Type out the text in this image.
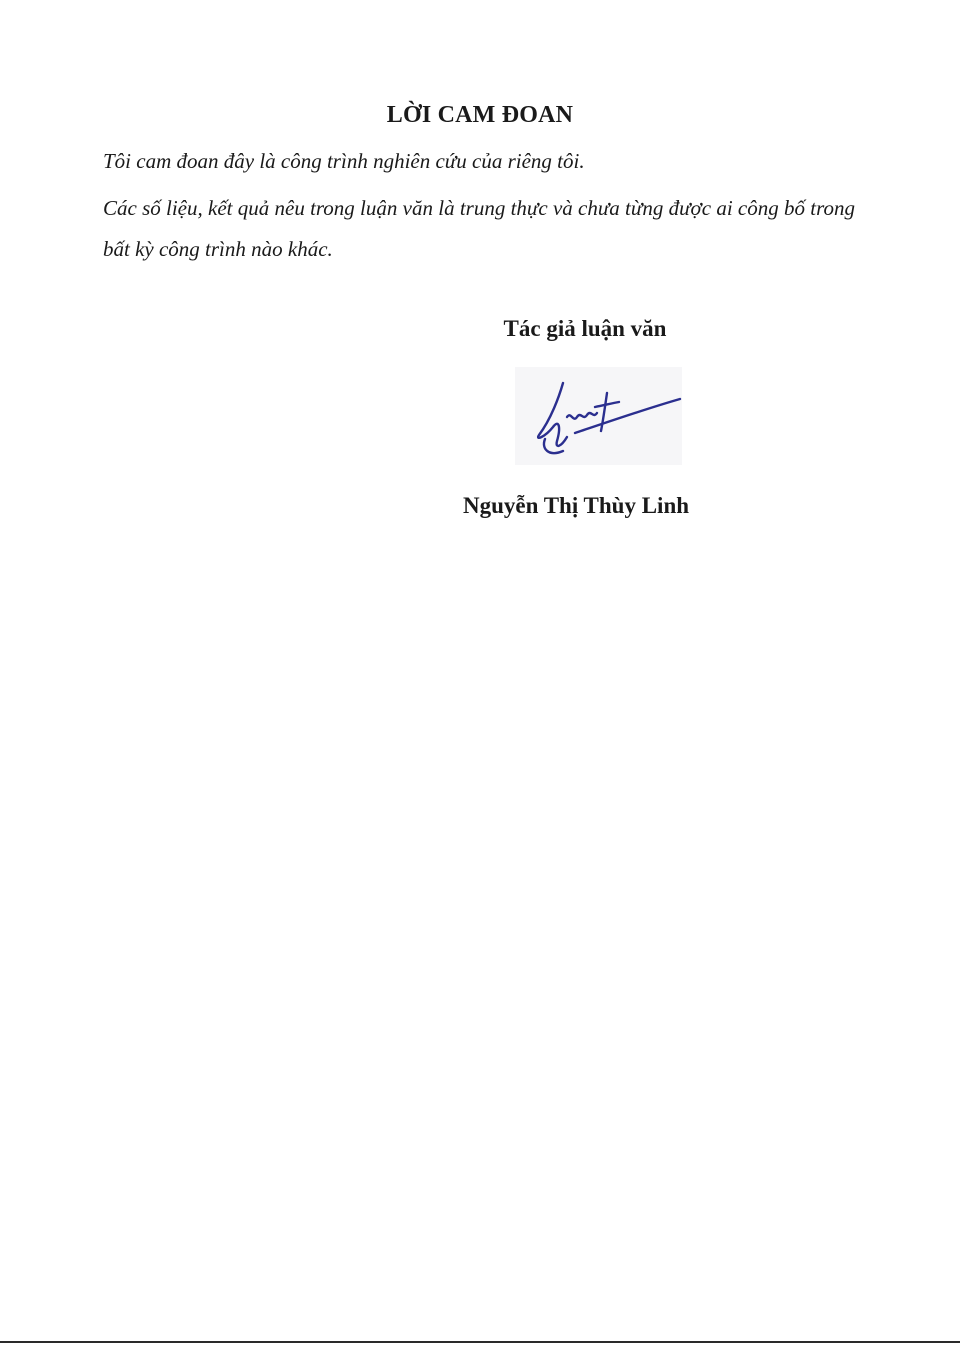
LỜI CAM ĐOAN
Tôi cam đoan đây là công trình nghiên cứu của riêng tôi.
Các số liệu, kết quả nêu trong luận văn là trung thực và chưa từng được ai công bố trong bất kỳ công trình nào khác.
Tác giả luận văn
Nguyễn Thị Thùy Linh
